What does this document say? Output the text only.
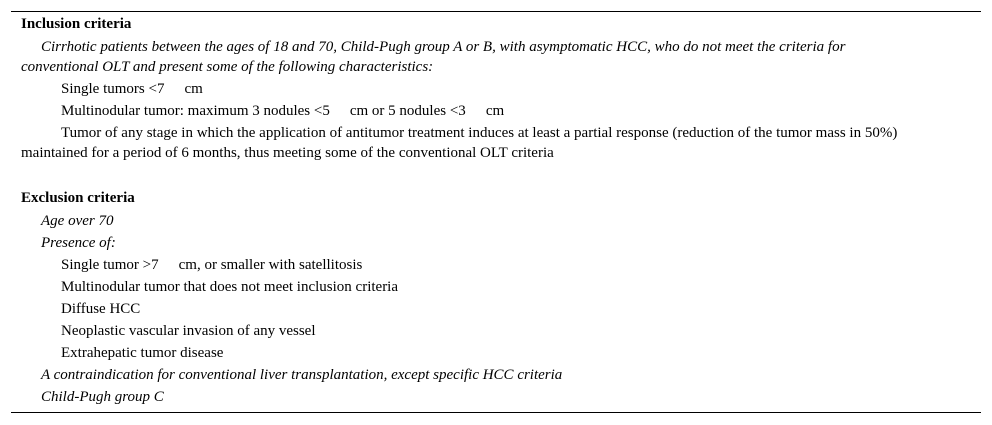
Inclusion criteria
Cirrhotic patients between the ages of 18 and 70, Child-Pugh group A or B, with asymptomatic HCC, who do not meet the criteria for
conventional OLT and present some of the following characteristics:
Single tumors <7 cm
Multinodular tumor: maximum 3 nodules <5 cm or 5 nodules <3 cm
Tumor of any stage in which the application of antitumor treatment induces at least a partial response (reduction of the tumor mass in 50%)
maintained for a period of 6 months, thus meeting some of the conventional OLT criteria
Exclusion criteria
Age over 70
Presence of:
Single tumor >7 cm, or smaller with satellitosis
Multinodular tumor that does not meet inclusion criteria
Diffuse HCC
Neoplastic vascular invasion of any vessel
Extrahepatic tumor disease
A contraindication for conventional liver transplantation, except specific HCC criteria
Child-Pugh group C
